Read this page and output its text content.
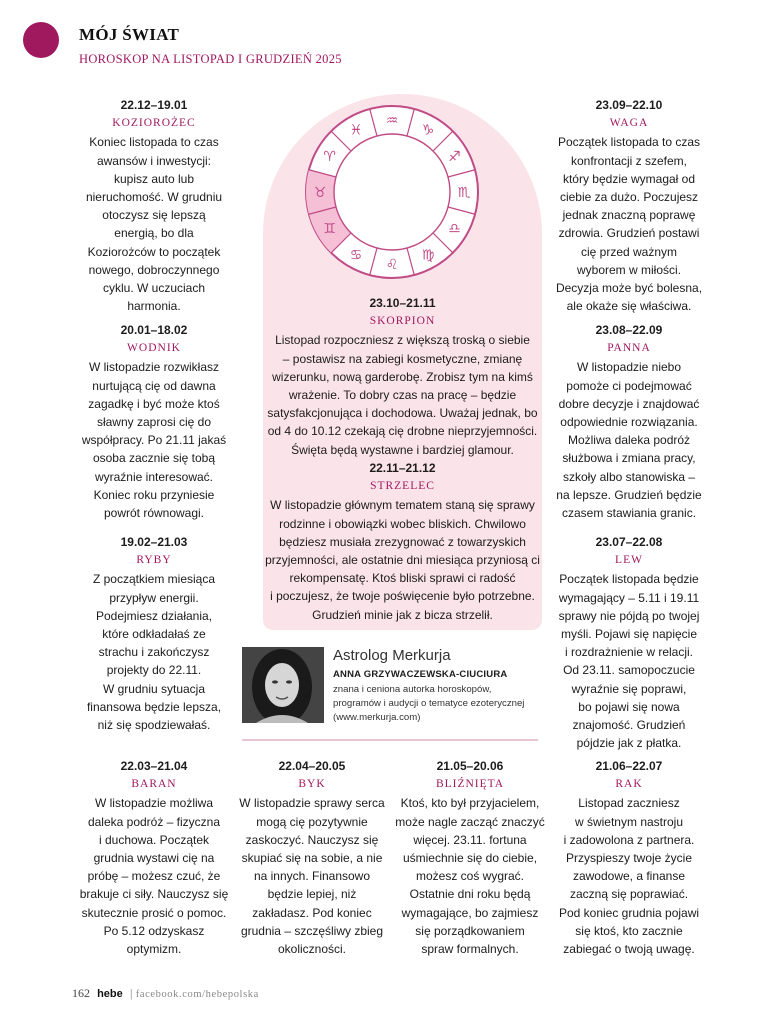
MÓJ ŚWIAT
HOROSKOP NA LISTOPAD I GRUDZIEŃ 2025
♑
♐
♏
♎
♍
♌
♋
♊
♉
♈
♓
♒
22.12–19.01
KOZIOROŻEC
Koniec listopada to czas
awansów i inwestycji:
kupisz auto lub
nieruchomość. W grudniu
otoczysz się lepszą
energią, bo dla
Koziorożców to początek
nowego, dobroczynnego
cyklu. W uczuciach
harmonia.
20.01–18.02
WODNIK
W listopadzie rozwikłasz
nurtującą cię od dawna
zagadkę i być może ktoś
sławny zaprosi cię do
współpracy. Po 21.11 jakaś
osoba zacznie się tobą
wyraźnie interesować.
Koniec roku przyniesie
powrót równowagi.
19.02–21.03
RYBY
Z początkiem miesiąca
przypływ energii.
Podejmiesz działania,
które odkładałaś ze
strachu i zakończysz
projekty do 22.11.
W grudniu sytuacja
finansowa będzie lepsza,
niż się spodziewałaś.
23.09–22.10
WAGA
Początek listopada to czas
konfrontacji z szefem,
który będzie wymagał od
ciebie za dużo. Poczujesz
jednak znaczną poprawę
zdrowia. Grudzień postawi
cię przed ważnym
wyborem w miłości.
Decyzja może być bolesna,
ale okaże się właściwa.
23.08–22.09
PANNA
W listopadzie niebo
pomoże ci podejmować
dobre decyzje i znajdować
odpowiednie rozwiązania.
Możliwa daleka podróż
służbowa i zmiana pracy,
szkoły albo stanowiska –
na lepsze. Grudzień będzie
czasem stawiania granic.
23.07–22.08
LEW
Początek listopada będzie
wymagający – 5.11 i 19.11
sprawy nie pójdą po twojej
myśli. Pojawi się napięcie
i rozdrażnienie w relacji.
Od 23.11. samopoczucie
wyraźnie się poprawi,
bo pojawi się nowa
znajomość. Grudzień
pójdzie jak z płatka.
23.10–21.11
SKORPION
Listopad rozpoczniesz z większą troską o siebie
– postawisz na zabiegi kosmetyczne, zmianę
wizerunku, nową garderobę. Zrobisz tym na kimś
wrażenie. To dobry czas na pracę – będzie
satysfakcjonująca i dochodowa. Uważaj jednak, bo
od 4 do 10.12 czekają cię drobne nieprzyjemności.
Święta będą wystawne i bardziej glamour.
22.11–21.12
STRZELEC
W listopadzie głównym tematem staną się sprawy
rodzinne i obowiązki wobec bliskich. Chwilowo
będziesz musiała zrezygnować z towarzyskich
przyjemności, ale ostatnie dni miesiąca przyniosą ci
rekompensatę. Ktoś bliski sprawi ci radość
i poczujesz, że twoje poświęcenie było potrzebne.
Grudzień minie jak z bicza strzelił.
Astrolog Merkurja
ANNA GRZYWACZEWSKA-CIUCIURA
znana i ceniona autorka horoskopów,
programów i audycji o tematyce ezoterycznej
(www.merkurja.com)
22.03–21.04
BARAN
W listopadzie możliwa
daleka podróż – fizyczna
i duchowa. Początek
grudnia wystawi cię na
próbę – możesz czuć, że
brakuje ci siły. Nauczysz się
skutecznie prosić o pomoc.
Po 5.12 odzyskasz
optymizm.
22.04–20.05
BYK
W listopadzie sprawy serca
mogą cię pozytywnie
zaskoczyć. Nauczysz się
skupiać się na sobie, a nie
na innych. Finansowo
będzie lepiej, niż
zakładasz. Pod koniec
grudnia – szczęśliwy zbieg
okoliczności.
21.05–20.06
BLIŹNIĘTA
Ktoś, kto był przyjacielem,
może nagle zacząć znaczyć
więcej. 23.11. fortuna
uśmiechnie się do ciebie,
możesz coś wygrać.
Ostatnie dni roku będą
wymagające, bo zajmiesz
się porządkowaniem
spraw formalnych.
21.06–22.07
RAK
Listopad zaczniesz
w świetnym nastroju
i zadowolona z partnera.
Przyspieszy twoje życie
zawodowe, a finanse
zaczną się poprawiać.
Pod koniec grudnia pojawi
się ktoś, kto zacznie
zabiegać o twoją uwagę.
162 hebe | facebook.com/hebepolska
